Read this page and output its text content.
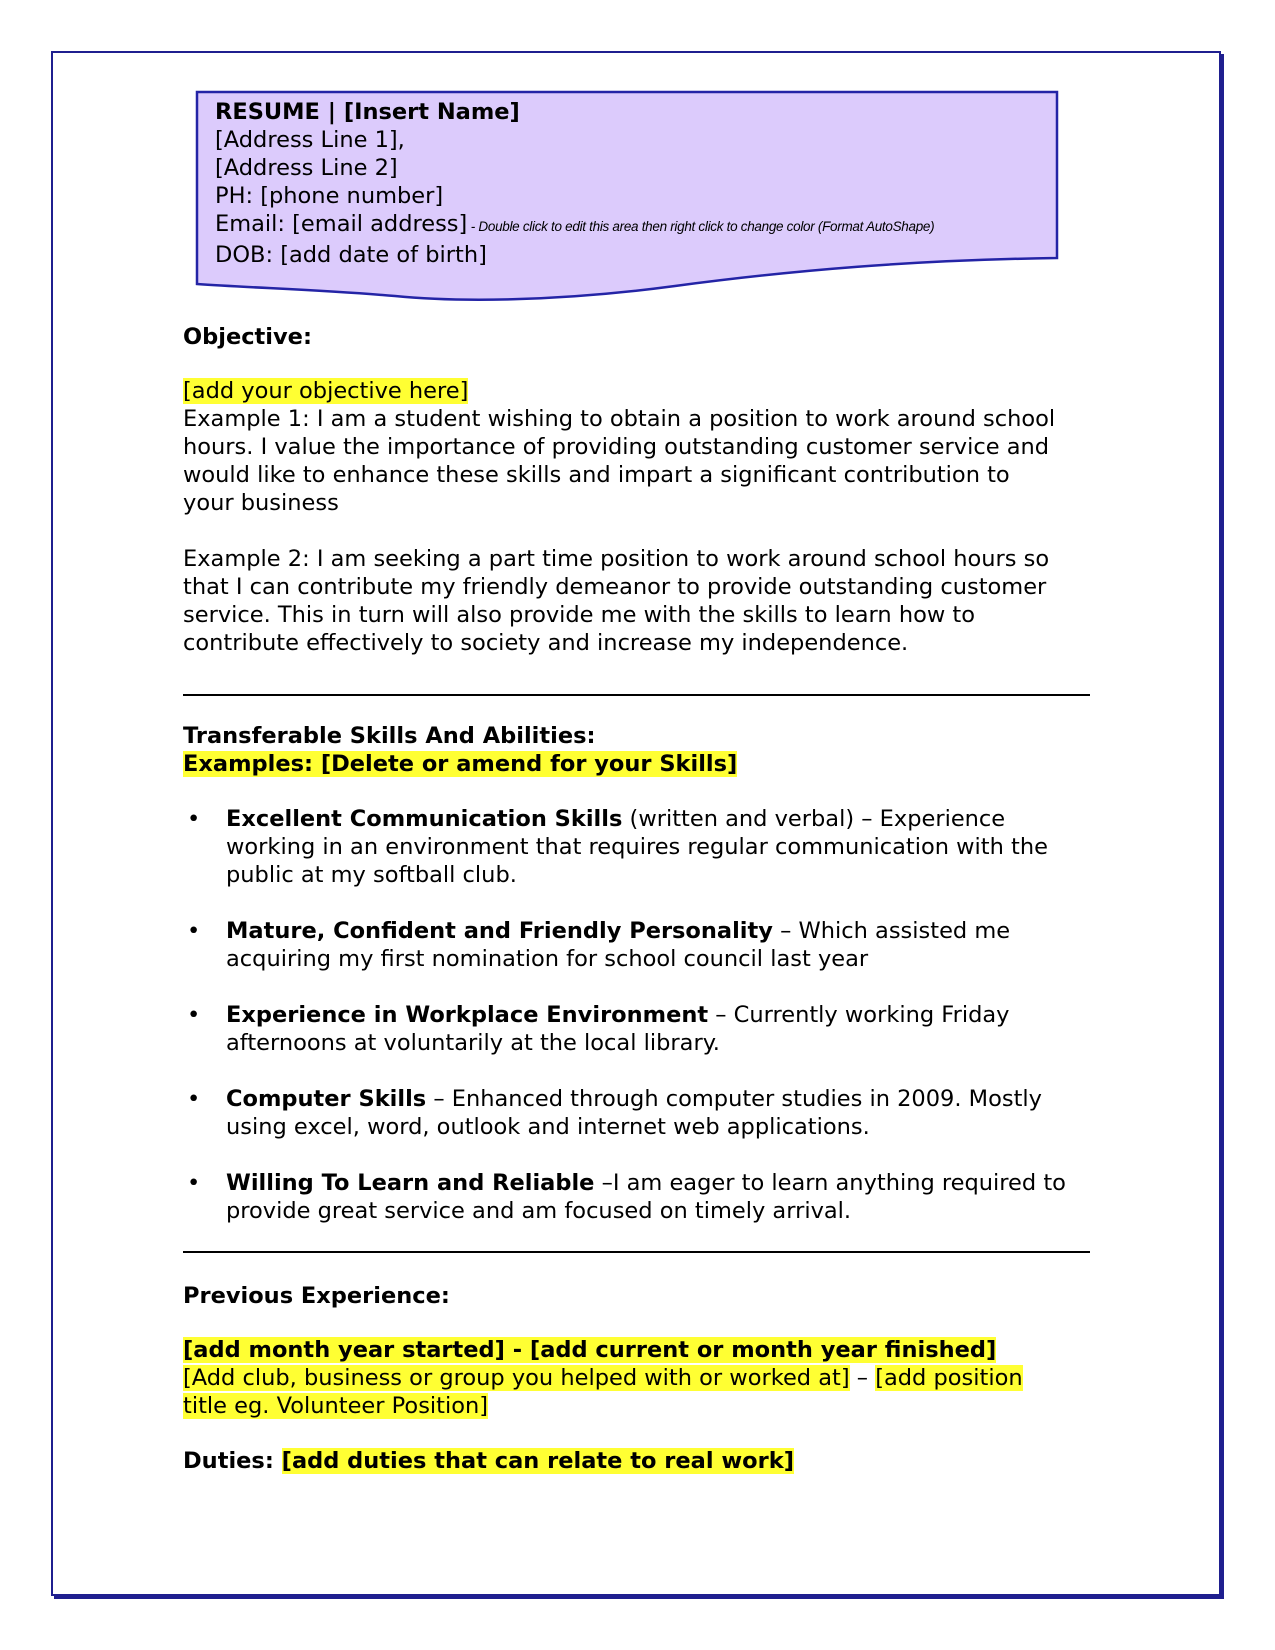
RESUME | [Insert Name]
[Address Line 1],
[Address Line 2]
PH: [phone number]
Email: [email address] - Double click to edit this area then right click to change color (Format AutoShape)
DOB: [add date of birth]
Objective:
[add your objective here]
Example 1: I am a student wishing to obtain a position to work around school
hours. I value the importance of providing outstanding customer service and
would like to enhance these skills and impart a significant contribution to
your business
Example 2: I am seeking a part time position to work around school hours so
that I can contribute my friendly demeanor to provide outstanding customer
service. This in turn will also provide me with the skills to learn how to
contribute effectively to society and increase my independence.
Transferable Skills And Abilities:
Examples: [Delete or amend for your Skills]
• Excellent Communication Skills (written and verbal) – Experience working in an environment that requires regular communication with the public at my softball club.
• Mature, Confident and Friendly Personality – Which assisted me acquiring my first nomination for school council last year
• Experience in Workplace Environment – Currently working Friday afternoons at voluntarily at the local library.
• Computer Skills – Enhanced through computer studies in 2009. Mostly using excel, word, outlook and internet web applications.
• Willing To Learn and Reliable –I am eager to learn anything required to provide great service and am focused on timely arrival.
Previous Experience:
[add month year started] - [add current or month year finished]
[Add club, business or group you helped with or worked at] – [add position
title eg. Volunteer Position]
Duties: [add duties that can relate to real work]
